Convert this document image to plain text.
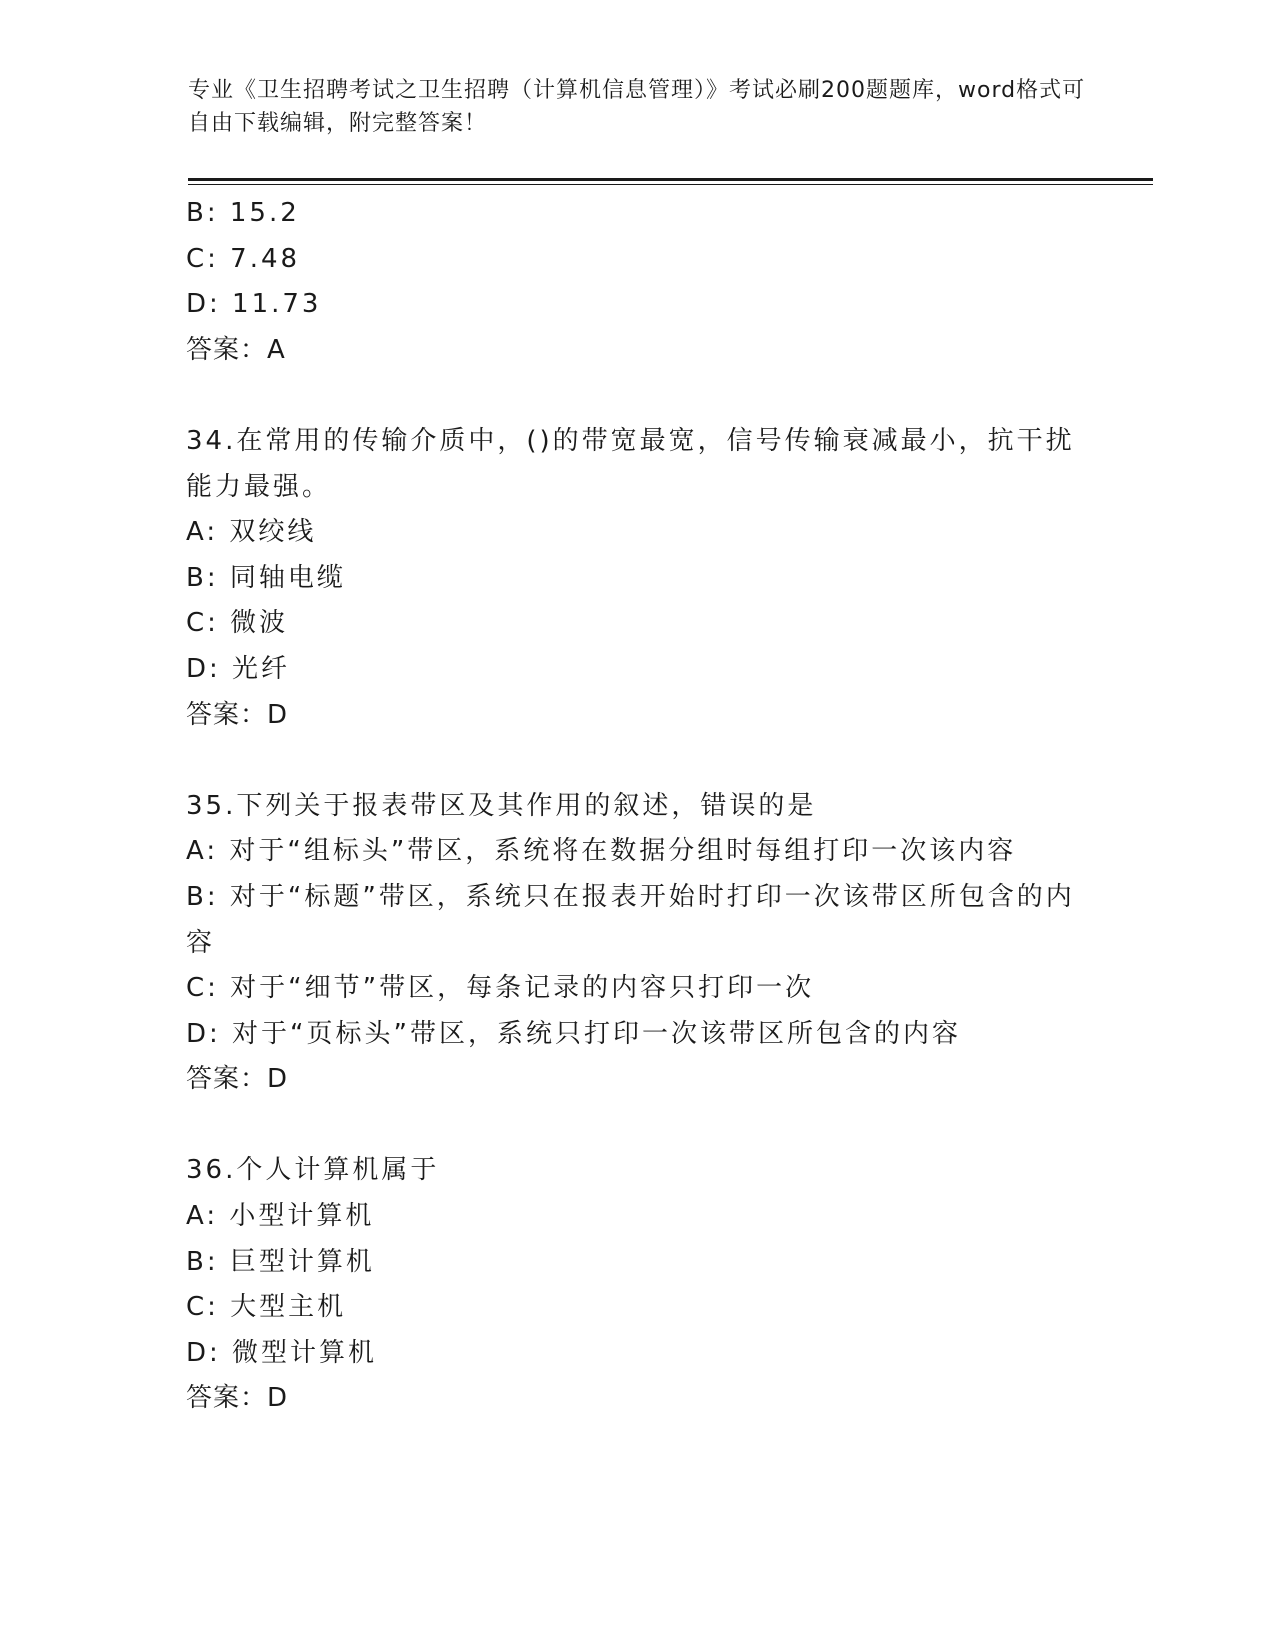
专业《卫生招聘考试之卫生招聘（计算机信息管理）》考试必刷200题题库，word格式可自由下载编辑，附完整答案！
B: 15.2
C: 7.48
D: 11.73
答案：A
34.在常用的传输介质中，()的带宽最宽，信号传输衰减最小，抗干扰能力最强。
A: 双绞线
B: 同轴电缆
C: 微波
D: 光纤
答案：D
35.下列关于报表带区及其作用的叙述，错误的是
A: 对于“组标头”带区，系统将在数据分组时每组打印一次该内容
B: 对于“标题”带区，系统只在报表开始时打印一次该带区所包含的内容
C: 对于“细节”带区，每条记录的内容只打印一次
D: 对于“页标头”带区，系统只打印一次该带区所包含的内容
答案：D
36.个人计算机属于
A: 小型计算机
B: 巨型计算机
C: 大型主机
D: 微型计算机
答案：D
